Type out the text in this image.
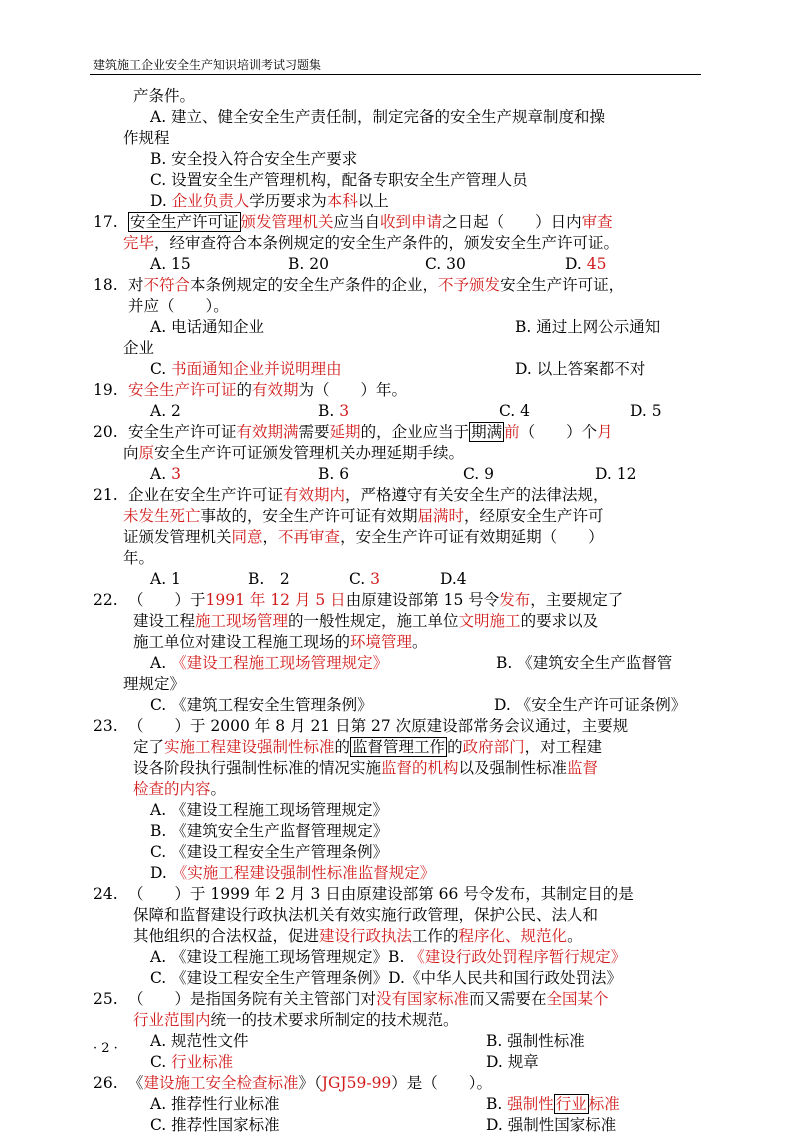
建筑施工企业安全生产知识培训考试习题集
产条件。
A. 建立、健全安全生产责任制，制定完备的安全生产规章制度和操
作规程
B. 安全投入符合安全生产要求
C. 设置安全生产管理机构，配备专职安全生产管理人员
D. 企业负责人学历要求为本科以上
17. 安全生产许可证 颁发管理机关应当自收到申请之日起（　　）日内审查
完毕，经审查符合本条例规定的安全生产条件的，颁发安全生产许可证。
A. 15	B. 20	C. 30	D. 45
18. 对不符合本条例规定的安全生产条件的企业，不予颁发安全生产许可证，
并应（　　）。
A. 电话通知企业	B. 通过上网公示通知
企业
C. 书面通知企业并说明理由	D. 以上答案都不对
19. 安全生产许可证的有效期为（　　）年。
A. 2	B. 3	C. 4	D. 5
20. 安全生产许可证有效期满需要延期的，企业应当于 期满 前（　　）个月
向原安全生产许可证颁发管理机关办理延期手续。
A. 3	B. 6	C. 9	D. 12
21. 企业在安全生产许可证有效期内，严格遵守有关安全生产的法律法规，
未发生死亡事故的，安全生产许可证有效期届满时，经原安全生产许可
证颁发管理机关同意，不再审查，安全生产许可证有效期延期（　　）
年。
A. 1	B.　2	C. 3	D.4
22. （　　）于1991 年 12 月 5 日由原建设部第 15 号令发布，主要规定了
建设工程施工现场管理的一般性规定，施工单位文明施工的要求以及
施工单位对建设工程施工现场的环境管理。
A. 《建设工程施工现场管理规定》	B. 《建筑安全生产监督管
理规定》
C. 《建筑工程安全生管理条例》	D. 《安全生产许可证条例》
23. （　　）于 2000 年 8 月 21 日第 27 次原建设部常务会议通过，主要规
定了实施工程建设强制性标准的 监督管理工作 的政府部门，对工程建
设各阶段执行强制性标准的情况实施监督的机构以及强制性标准监督
检查的内容。
A. 《建设工程施工现场管理规定》
B. 《建筑安全生产监督管理规定》
C. 《建设工程安全生产管理条例》
D. 《实施工程建设强制性标准监督规定》
24. （　　）于 1999 年 2 月 3 日由原建设部第 66 号令发布，其制定目的是
保障和监督建设行政执法机关有效实施行政管理，保护公民、法人和
其他组织的合法权益，促进建设行政执法工作的程序化、规范化。
A. 《建设工程施工现场管理规定》B. 《建设行政处罚程序暂行规定》
C. 《建设工程安全生产管理条例》D.《中华人民共和国行政处罚法》
25. （　　）是指国务院有关主管部门对没有国家标准而又需要在全国某个
行业范围内统一的技术要求所制定的技术规范。
A. 规范性文件	B. 强制性标准
C. 行业标准	D. 规章
26. 《建设施工安全检查标准》（JGJ59-99）是（　　）。
A. 推荐性行业标准	B. 强制性 行业 标准
C. 推荐性国家标准	D. 强制性国家标准
· 2 ·
